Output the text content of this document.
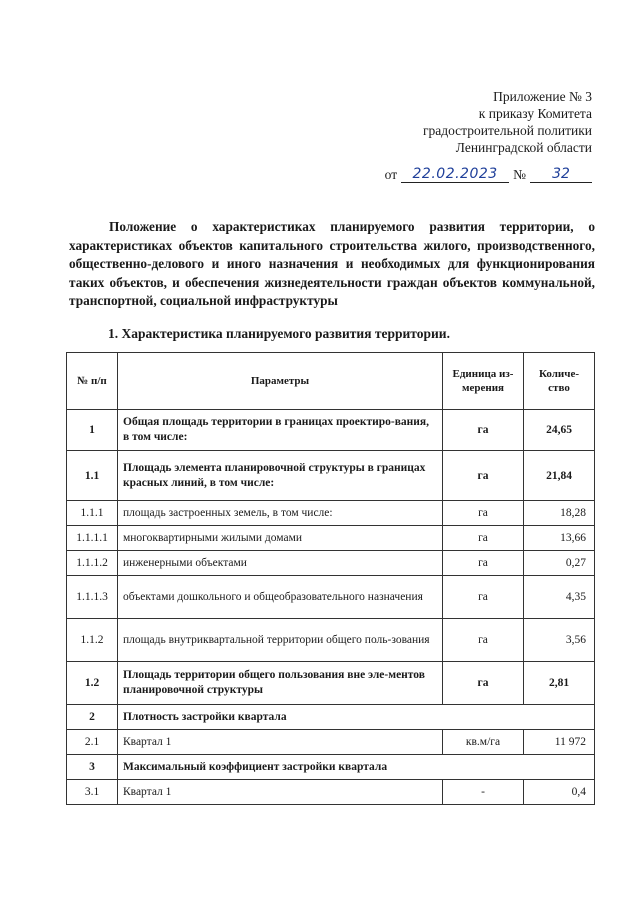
Приложение № 3
к приказу Комитета
градостроительной политики
Ленинградской области
от	22.02.2023	№	32

Положение о характеристиках планируемого развития территории, о характеристиках объектов капитального строительства жилого, производственного, общественно-делового и иного назначения и необходимых для функционирования таких объектов, и обеспечения жизнедеятельности граждан объектов коммунальной, транспортной, социальной инфраструктуры

1. Характеристика планируемого развития территории.

№ п/п	Параметры	Единица из-мерения	Количе-ство
1	Общая площадь территории в границах проектиро-вания, в том числе:	га	24,65
1.1	Площадь элемента планировочной структуры в границах красных линий, в том числе:	га	21,84
1.1.1	площадь застроенных земель, в том числе:	га	18,28
1.1.1.1	многоквартирными жилыми домами	га	13,66
1.1.1.2	инженерными объектами	га	0,27
1.1.1.3	объектами дошкольного и общеобразовательного назначения	га	4,35
1.1.2	площадь внутриквартальной территории общего поль-зования	га	3,56
1.2	Площадь территории общего пользования вне эле-ментов планировочной структуры	га	2,81
2	Плотность застройки квартала		
2.1	Квартал 1	кв.м/га	11 972
3	Максимальный коэффициент застройки квартала		
3.1	Квартал 1	-	0,4
